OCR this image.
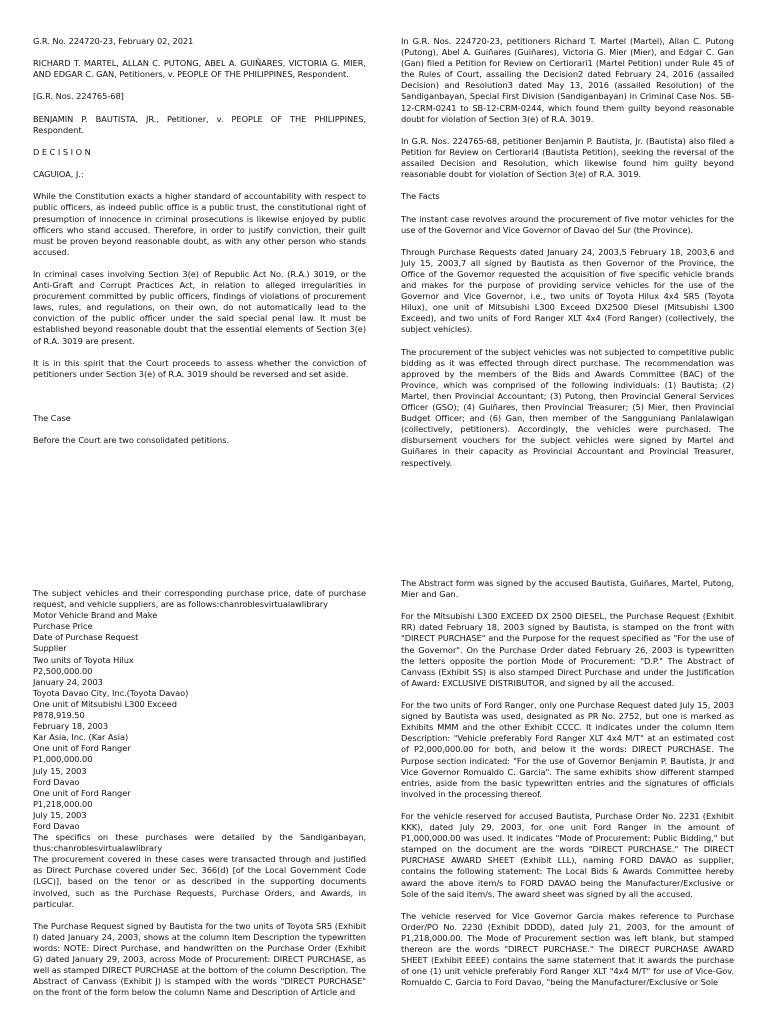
G.R. No. 224720-23, February 02, 2021

RICHARD T. MARTEL, ALLAN C. PUTONG, ABEL A. GUIÑARES, VICTORIA G. MIER, AND EDGAR C. GAN, Petitioners, v. PEOPLE OF THE PHILIPPINES, Respondent.

[G.R. Nos. 224765-68]

BENJAMIN P. BAUTISTA, JR., Petitioner, v. PEOPLE OF THE PHILIPPINES, Respondent.

D E C I S I O N

CAGUIOA, J.:

While the Constitution exacts a higher standard of accountability with respect to public officers, as indeed public office is a public trust, the constitutional right of presumption of innocence in criminal prosecutions is likewise enjoyed by public officers who stand accused. Therefore, in order to justify conviction, their guilt must be proven beyond reasonable doubt, as with any other person who stands accused.

In criminal cases involving Section 3(e) of Republic Act No. (R.A.) 3019, or the Anti-Graft and Corrupt Practices Act, in relation to alleged irregularities in procurement committed by public officers, findings of violations of procurement laws, rules, and regulations, on their own, do not automatically lead to the conviction of the public officer under the said special penal law. It must be established beyond reasonable doubt that the essential elements of Section 3(e) of R.A. 3019 are present.

It is in this spirit that the Court proceeds to assess whether the conviction of petitioners under Section 3(e) of R.A. 3019 should be reversed and set aside.

The Case

Before the Court are two consolidated petitions.

In G.R. Nos. 224720-23, petitioners Richard T. Martel (Martel), Allan C. Putong (Putong), Abel A. Guiñares (Guiñares), Victoria G. Mier (Mier), and Edgar C. Gan (Gan) filed a Petition for Review on Certiorari1 (Martel Petition) under Rule 45 of the Rules of Court, assailing the Decision2 dated February 24, 2016 (assailed Decision) and Resolution3 dated May 13, 2016 (assailed Resolution) of the Sandiganbayan, Special First Division (Sandiganbayan) in Criminal Case Nos. SB-12-CRM-0241 to SB-12-CRM-0244, which found them guilty beyond reasonable doubt for violation of Section 3(e) of R.A. 3019.

In G.R. Nos. 224765-68, petitioner Benjamin P. Bautista, Jr. (Bautista) also filed a Petition for Review on Certiorari4 (Bautista Petition), seeking the reversal of the assailed Decision and Resolution, which likewise found him guilty beyond reasonable doubt for violation of Section 3(e) of R.A. 3019.

The Facts

The instant case revolves around the procurement of five motor vehicles for the use of the Governor and Vice Governor of Davao del Sur (the Province).

Through Purchase Requests dated January 24, 2003,5 February 18, 2003,6 and July 15, 2003,7 all signed by Bautista as then Governor of the Province, the Office of the Governor requested the acquisition of five specific vehicle brands and makes for the purpose of providing service vehicles for the use of the Governor and Vice Governor, i.e., two units of Toyota Hilux 4x4 SR5 (Toyota Hilux), one unit of Mitsubishi L300 Exceed DX2500 Diesel (Mitsubishi L300 Exceed), and two units of Ford Ranger XLT 4x4 (Ford Ranger) (collectively, the subject vehicles).

The procurement of the subject vehicles was not subjected to competitive public bidding as it was effected through direct purchase. The recommendation was approved by the members of the Bids and Awards Committee (BAC) of the Province, which was comprised of the following individuals: (1) Bautista; (2) Martel, then Provincial Accountant; (3) Putong, then Provincial General Services Officer (GSO); (4) Guiñares, then Provincial Treasurer; (5) Mier, then Provincial Budget Officer; and (6) Gan, then member of the Sangguniang Panlalawigan (collectively, petitioners). Accordingly, the vehicles were purchased. The disbursement vouchers for the subject vehicles were signed by Martel and Guiñares in their capacity as Provincial Accountant and Provincial Treasurer, respectively.

The subject vehicles and their corresponding purchase price, date of purchase request, and vehicle suppliers, are as follows:chanroblesvirtualawlibrary

Motor Vehicle Brand and Make
Purchase Price
Date of Purchase Request
Supplier
Two units of Toyota Hilux
P2,500,000.00
January 24, 2003
Toyota Davao City, Inc.(Toyota Davao)
One unit of Mitsubishi L300 Exceed
P878,919.50
February 18, 2003
Kar Asia, Inc. (Kar Asia)
One unit of Ford Ranger
P1,000,000.00
July 15, 2003
Ford Davao
One unit of Ford Ranger
P1,218,000.00
July 15, 2003
Ford Davao

The specifics on these purchases were detailed by the Sandiganbayan, thus:chanroblesvirtualawlibrary

The procurement covered in these cases were transacted through and justified as Direct Purchase covered under Sec. 366(d) [of the Local Government Code (LGC)], based on the tenor or as described in the supporting documents involved, such as the Purchase Requests, Purchase Orders, and Awards, in particular.

The Purchase Request signed by Bautista for the two units of Toyota SR5 (Exhibit I) dated January 24, 2003, shows at the column Item Description the typewritten words: NOTE: Direct Purchase, and handwritten on the Purchase Order (Exhibit G) dated January 29, 2003, across Mode of Procurement: DIRECT PURCHASE, as well as stamped DIRECT PURCHASE at the bottom of the column Description. The Abstract of Canvass (Exhibit J) is stamped with the words "DIRECT PURCHASE" on the front of the form below the column Name and Description of Article and

The Abstract form was signed by the accused Bautista, Guiñares, Martel, Putong, Mier and Gan.

For the Mitsubishi L300 EXCEED DX 2500 DIESEL, the Purchase Request (Exhibit RR) dated February 18, 2003 signed by Bautista, is stamped on the front with "DIRECT PURCHASE" and the Purpose for the request specified as "For the use of the Governor". On the Purchase Order dated February 26, 2003 is typewritten the letters opposite the portion Mode of Procurement: "D.P." The Abstract of Canvass (Exhibit SS) is also stamped Direct Purchase and under the Justification of Award: EXCLUSIVE DISTRIBUTOR, and signed by all the accused.

For the two units of Ford Ranger, only one Purchase Request dated July 15, 2003 signed by Bautista was used, designated as PR No. 2752, but one is marked as Exhibits MMM and the other Exhibit CCCC. It indicates under the column Item Description: "Vehicle preferably Ford Ranger XLT 4x4 M/T" at an estimated cost of P2,000,000.00 for both, and below it the words: DIRECT PURCHASE. The Purpose section indicated: "For the use of Governor Benjamin P. Bautista, Jr and Vice Governor Romualdo C. Garcia". The same exhibits show different stamped entries, aside from the basic typewritten entries and the signatures of officials involved in the processing thereof.

For the vehicle reserved for accused Bautista, Purchase Order No. 2231 (Exhibit KKK), dated July 29, 2003, for one unit Ford Ranger in the amount of P1,000,000.00 was used. It indicates "Mode of Procurement: Public Bidding," but stamped on the document are the words "DIRECT PURCHASE." The DIRECT PURCHASE AWARD SHEET (Exhibit LLL), naming FORD DAVAO as supplier, contains the following statement: The Local Bids & Awards Committee hereby award the above item/s to FORD DAVAO being the Manufacturer/Exclusive or Sole of the said item/s. The award sheet was signed by all the accused.

The vehicle reserved for Vice Governor Garcia makes reference to Purchase Order/PO No. 2230 (Exhibit DDDD), dated July 21, 2003, for the amount of P1,218,000.00. The Mode of Procurement section was left blank, but stamped thereon are the words "DIRECT PURCHASE." The DIRECT PURCHASE AWARD SHEET (Exhibit EEEE) contains the same statement that it awards the purchase of one (1) unit vehicle preferably Ford Ranger XLT "4x4 M/T" for use of Vice-Gov. Romualdo C. Garcia to Ford Davao, "being the Manufacturer/Exclusive or Sole
